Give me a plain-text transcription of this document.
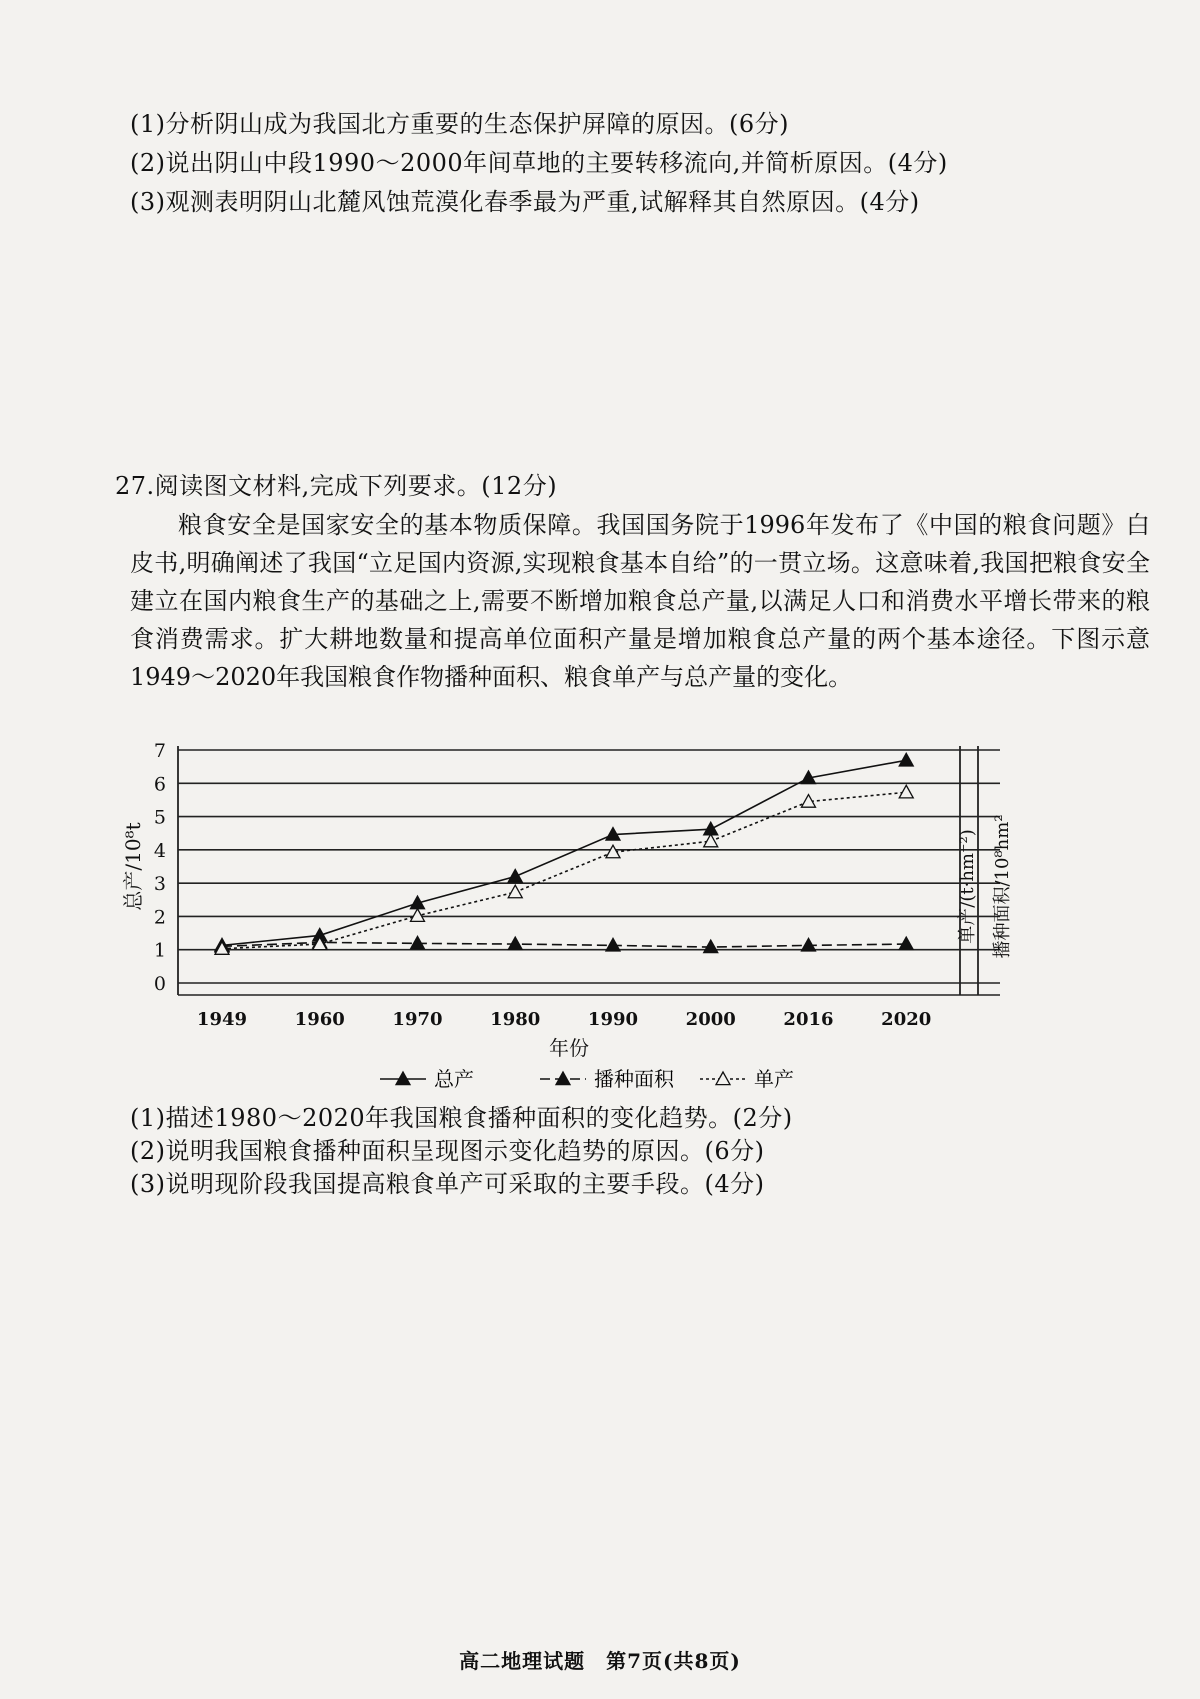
(1)分析阴山成为我国北方重要的生态保护屏障的原因。(6分)
(2)说出阴山中段1990～2000年间草地的主要转移流向,并简析原因。(4分)
(3)观测表明阴山北麓风蚀荒漠化春季最为严重,试解释其自然原因。(4分)
27.阅读图文材料,完成下列要求。(12分)

粮食安全是国家安全的基本物质保障。我国国务院于1996年发布了《中国的粮食问题》白皮书,明确阐述了我国“立足国内资源,实现粮食基本自给”的一贯立场。这意味着,我国把粮食安全建立在国内粮食生产的基础之上,需要不断增加粮食总产量,以满足人口和消费水平增长带来的粮食消费需求。扩大耕地数量和提高单位面积产量是增加粮食总产量的两个基本途径。下图示意1949～2020年我国粮食作物播种面积、粮食单产与总产量的变化。

0
1
2
3
4
5
6
7
1949	1960	1970	1980	1990	2000	2016	2020
年份
总产/10⁸t	单产/(t·hm⁻²) 播种面积/10⁸hm²
总产	播种面积	单产
(1)描述1980～2020年我国粮食播种面积的变化趋势。(2分)
(2)说明我国粮食播种面积呈现图示变化趋势的原因。(6分)
(3)说明现阶段我国提高粮食单产可采取的主要手段。(4分)
高二地理试题　第7页(共8页)
